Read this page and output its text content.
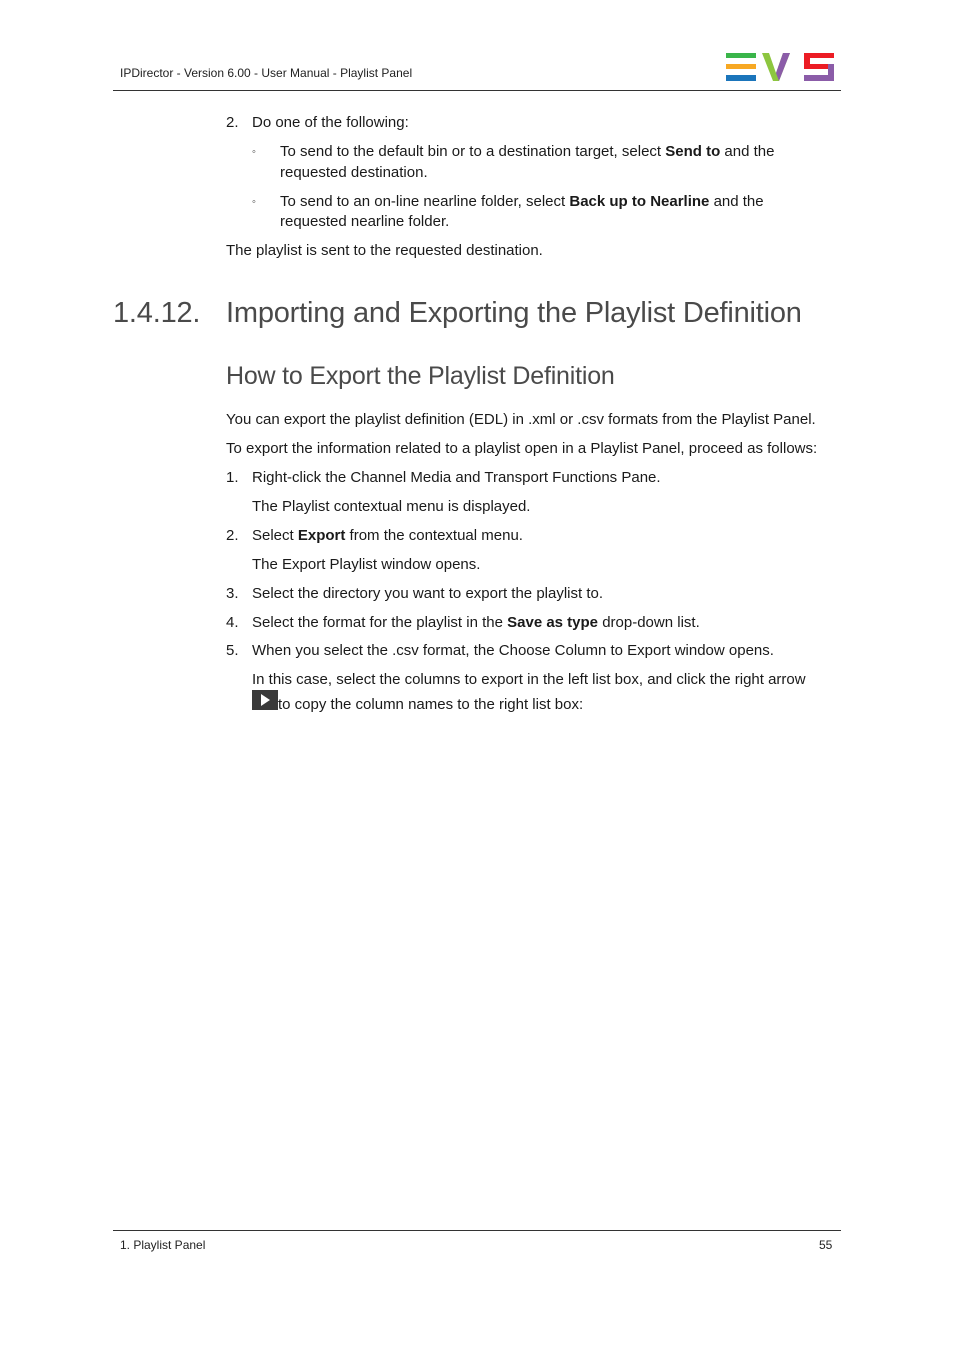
IPDirector - Version 6.00 - User Manual - Playlist Panel
2. Do one of the following:
◦ To send to the default bin or to a destination target, select Send to and the
requested destination.
◦ To send to an on-line nearline folder, select Back up to Nearline and the
requested nearline folder.
The playlist is sent to the requested destination.
1.4.12. Importing and Exporting the Playlist Definition
How to Export the Playlist Definition
You can export the playlist definition (EDL) in .xml or .csv formats from the Playlist Panel.
To export the information related to a playlist open in a Playlist Panel, proceed as follows:
1. Right-click the Channel Media and Transport Functions Pane.
The Playlist contextual menu is displayed.
2. Select Export from the contextual menu.
The Export Playlist window opens.
3. Select the directory you want to export the playlist to.
4. Select the format for the playlist in the Save as type drop-down list.
5. When you select the .csv format, the Choose Column to Export window opens.
In this case, select the columns to export in the left list box, and click the right arrow
to copy the column names to the right list box:
1. Playlist Panel	55
